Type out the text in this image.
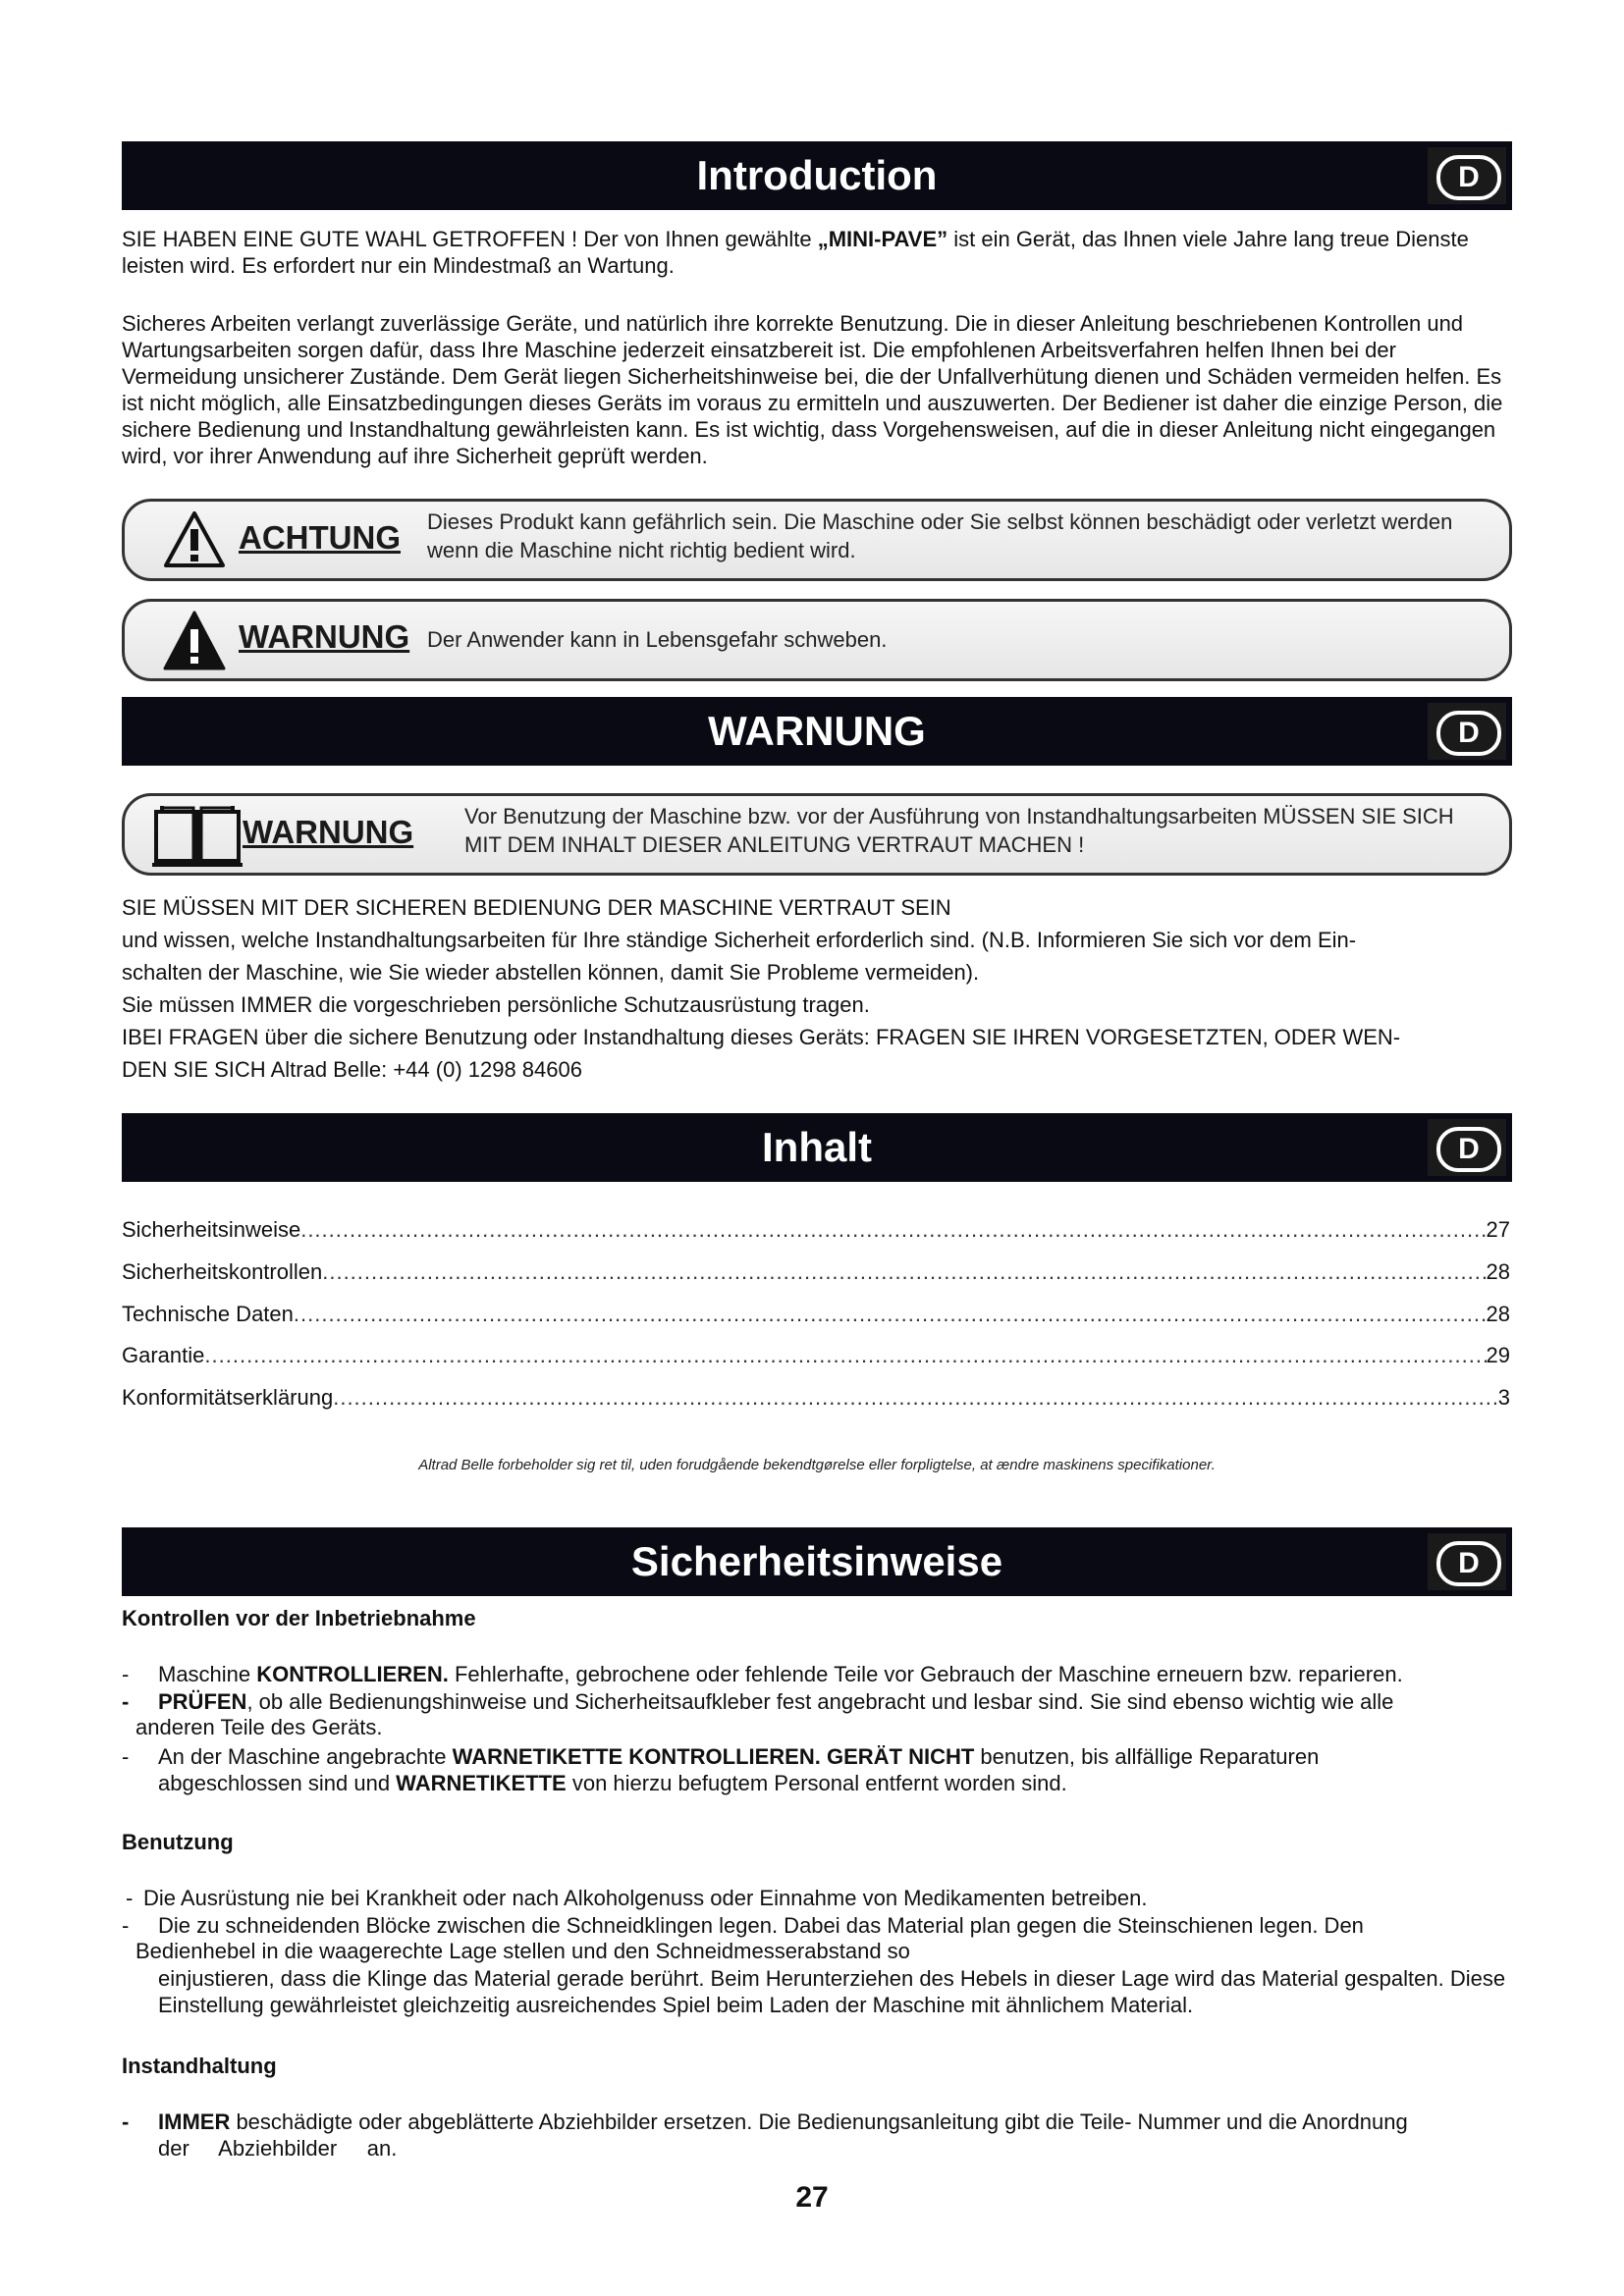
Introduction	D
SIE HABEN EINE GUTE WAHL GETROFFEN ! Der von Ihnen gewählte „MINI-PAVE” ist ein Gerät, das Ihnen viele Jahre lang treue Dienste leisten wird. Es erfordert nur ein Mindestmaß an Wartung.
Sicheres Arbeiten verlangt zuverlässige Geräte, und natürlich ihre korrekte Benutzung. Die in dieser Anleitung beschriebenen Kontrollen und Wartungsarbeiten sorgen dafür, dass Ihre Maschine jederzeit einsatzbereit ist. Die empfohlenen Arbeitsverfahren helfen Ihnen bei der Vermeidung unsicherer Zustände. Dem Gerät liegen Sicherheitshinweise bei, die der Unfallverhütung dienen und Schäden vermeiden helfen. Es ist nicht möglich, alle Einsatzbedingungen dieses Geräts im voraus zu ermitteln und auszuwerten. Der Bediener ist daher die einzige Person, die sichere Bedienung und Instandhaltung gewährleisten kann. Es ist wichtig, dass Vorgehensweisen, auf die in dieser Anleitung nicht eingegangen wird, vor ihrer Anwendung auf ihre Sicherheit geprüft werden.
ACHTUNG Dieses Produkt kann gefährlich sein. Die Maschine oder Sie selbst können beschädigt oder verletzt werden wenn die Maschine nicht richtig bedient wird.
WARNUNG Der Anwender kann in Lebensgefahr schweben.
WARNUNG	D
WARNUNG Vor Benutzung der Maschine bzw. vor der Ausführung von Instandhaltungsarbeiten MÜSSEN SIE SICH MIT DEM INHALT DIESER ANLEITUNG VERTRAUT MACHEN !
SIE MÜSSEN MIT DER SICHEREN BEDIENUNG DER MASCHINE VERTRAUT SEIN
und wissen, welche Instandhaltungsarbeiten für Ihre ständige Sicherheit erforderlich sind. (N.B. Informieren Sie sich vor dem Ein-
schalten der Maschine, wie Sie wieder abstellen können, damit Sie Probleme vermeiden).
Sie müssen IMMER die vorgeschrieben persönliche Schutzausrüstung tragen.
IBEI FRAGEN über die sichere Benutzung oder Instandhaltung dieses Geräts: FRAGEN SIE IHREN VORGESETZTEN, ODER WEN-
DEN SIE SICH Altrad Belle: +44 (0) 1298 84606
Inhalt	D
Sicherheitsinweise .....	27
Sicherheitskontrollen .....	28
Technische Daten .....	28
Garantie .....	29
Konformitätserklärung .....	3
Altrad Belle forbeholder sig ret til, uden forudgående bekendtgørelse eller forpligtelse, at ændre maskinens specifikationer.
Sicherheitsinweise	D
Kontrollen vor der Inbetriebnahme
- Maschine KONTROLLIEREN. Fehlerhafte, gebrochene oder fehlende Teile vor Gebrauch der Maschine erneuern bzw. reparieren.
- PRÜFEN, ob alle Bedienungshinweise und Sicherheitsaufkleber fest angebracht und lesbar sind. Sie sind ebenso wichtig wie alle
anderen Teile des Geräts.
- An der Maschine angebrachte WARNETIKETTE KONTROLLIEREN. GERÄT NICHT benutzen, bis allfällige Reparaturen
abgeschlossen sind und WARNETIKETTE von hierzu befugtem Personal entfernt worden sind.
Benutzung
- Die Ausrüstung nie bei Krankheit oder nach Alkoholgenuss oder Einnahme von Medikamenten betreiben.
- Die zu schneidenden Blöcke zwischen die Schneidklingen legen. Dabei das Material plan gegen die Steinschienen legen. Den
Bedienhebel in die waagerechte Lage stellen und den Schneidmesserabstand so
einjustieren, dass die Klinge das Material gerade berührt. Beim Herunterziehen des Hebels in dieser Lage wird das Material gespalten. Diese Einstellung gewährleistet gleichzeitig ausreichendes Spiel beim Laden der Maschine mit ähnlichem Material.
Instandhaltung
- IMMER beschädigte oder abgeblätterte Abziehbilder ersetzen. Die Bedienungsanleitung gibt die Teile- Nummer und die Anordnung
der     Abziehbilder     an.
27
